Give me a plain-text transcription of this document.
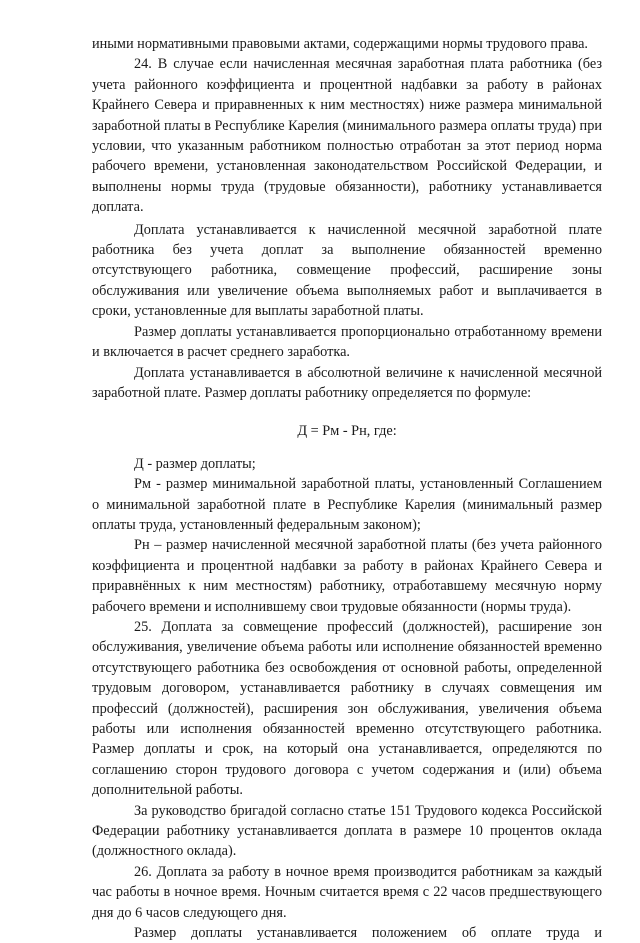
иными нормативными правовыми актами, содержащими нормы трудового права.

24. В случае если начисленная месячная заработная плата работника (без учета районного коэффициента и процентной надбавки за работу в районах Крайнего Севера и приравненных к ним местностях) ниже размера минимальной заработной платы в Республике Карелия (минимального размера оплаты труда) при условии, что указанным работником полностью отработан за этот период норма рабочего времени, установленная законодательством Российской Федерации, и выполнены нормы труда (трудовые обязанности), работнику устанавливается доплата.

Доплата устанавливается к начисленной месячной заработной плате работника без учета доплат за выполнение обязанностей временно отсутствующего работника, совмещение профессий, расширение зоны обслуживания или увеличение объема выполняемых работ и выплачивается в сроки, установленные для выплаты заработной платы.

Размер доплаты устанавливается пропорционально отработанному времени и включается в расчет среднего заработка.

Доплата устанавливается в абсолютной величине к начисленной месячной заработной плате. Размер доплаты работнику определяется по формуле:

Д = Рм - Рн, где:

Д - размер доплаты;

Рм - размер минимальной заработной платы, установленный Соглашением о минимальной заработной плате в Республике Карелия (минимальный размер оплаты труда, установленный федеральным законом);

Рн – размер начисленной месячной заработной платы (без учета районного коэффициента и процентной надбавки за работу в районах Крайнего Севера и приравнённых к ним местностям) работнику, отработавшему месячную норму рабочего времени и исполнившему свои трудовые обязанности (нормы труда).

25. Доплата за совмещение профессий (должностей), расширение зон обслуживания, увеличение объема работы или исполнение обязанностей временно отсутствующего работника без освобождения от основной работы, определенной трудовым договором, устанавливается работнику в случаях совмещения им профессий (должностей), расширения зон обслуживания, увеличения объема работы или исполнения обязанностей временно отсутствующего работника. Размер доплаты и срок, на который она устанавливается, определяются по соглашению сторон трудового договора с учетом содержания и (или) объема дополнительной работы.

За руководство бригадой согласно статье 151 Трудового кодекса Российской Федерации работнику устанавливается доплата в размере 10 процентов оклада (должностного оклада).

26. Доплата за работу в ночное время производится работникам за каждый час работы в ночное время. Ночным считается время с 22 часов предшествующего дня до 6 часов следующего дня.

Размер доплаты устанавливается положением об оплате труда и
